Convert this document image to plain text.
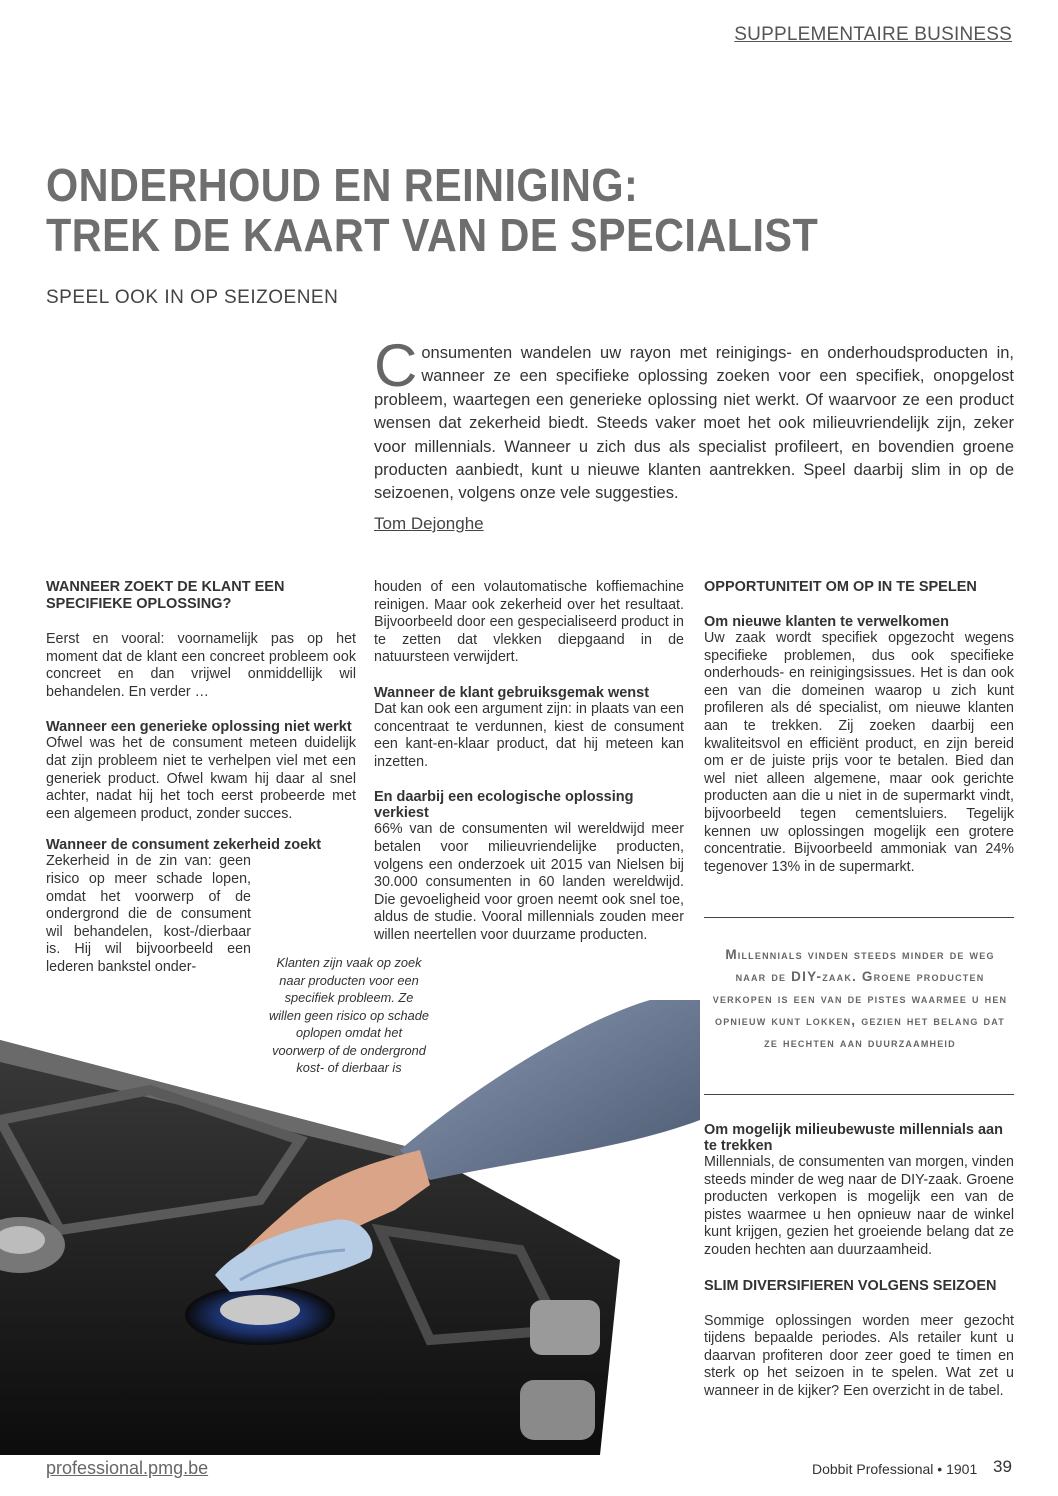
SUPPLEMENTAIRE BUSINESS
ONDERHOUD EN REINIGING:
TREK DE KAART VAN DE SPECIALIST
SPEEL OOK IN OP SEIZOENEN
Consumenten wandelen uw rayon met reinigings- en onderhoudsproducten in, wanneer ze een specifieke oplossing zoeken voor een specifiek, onopgelost probleem, waartegen een generieke oplossing niet werkt. Of waarvoor ze een product wensen dat zekerheid biedt. Steeds vaker moet het ook milieuvriendelijk zijn, zeker voor millennials. Wanneer u zich dus als specialist profileert, en bovendien groene producten aanbiedt, kunt u nieuwe klanten aantrekken. Speel daarbij slim in op de seizoenen, volgens onze vele suggesties.
Tom Dejonghe
WANNEER ZOEKT DE KLANT EEN SPECIFIEKE OPLOSSING?

Eerst en vooral: voornamelijk pas op het moment dat de klant een concreet probleem ook concreet en dan vrijwel onmiddellijk wil behandelen. En verder …

Wanneer een generieke oplossing niet werkt

Ofwel was het de consument meteen duidelijk dat zijn probleem niet te verhelpen viel met een generiek product. Ofwel kwam hij daar al snel achter, nadat hij het toch eerst probeerde met een algemeen product, zonder succes.

Wanneer de consument zekerheid zoekt

Zekerheid in de zin van: geen risico op meer schade lopen, omdat het voorwerp of de ondergrond die de consument wil behandelen, kost-/dierbaar is. Hij wil bijvoorbeeld een lederen bankstel onder-

houden of een volautomatische koffiemachine reinigen. Maar ook zekerheid over het resultaat. Bijvoorbeeld door een gespecialiseerd product in te zetten dat vlekken diepgaand in de natuursteen verwijdert.

Wanneer de klant gebruiksgemak wenst

Dat kan ook een argument zijn: in plaats van een concentraat te verdunnen, kiest de consument een kant-en-klaar product, dat hij meteen kan inzetten.

En daarbij een ecologische oplossing verkiest

66% van de consumenten wil wereldwijd meer betalen voor milieuvriendelijke producten, volgens een onderzoek uit 2015 van Nielsen bij 30.000 consumenten in 60 landen wereldwijd. Die gevoeligheid voor groen neemt ook snel toe, aldus de studie. Vooral millennials zouden meer willen neertellen voor duurzame producten.

Klanten zijn vaak op zoek naar producten voor een specifiek probleem. Ze willen geen risico op schade oplopen omdat het voorwerp of de ondergrond kost- of dierbaar is
OPPORTUNITEIT OM OP IN TE SPELEN
Om nieuwe klanten te verwelkomen

Uw zaak wordt specifiek opgezocht wegens specifieke problemen, dus ook specifieke onderhouds- en reinigingsissues. Het is dan ook een van die domeinen waarop u zich kunt profileren als dé specialist, om nieuwe klanten aan te trekken. Zij zoeken daarbij een kwaliteitsvol en efficiënt product, en zijn bereid om er de juiste prijs voor te betalen. Bied dan wel niet alleen algemene, maar ook gerichte producten aan die u niet in de supermarkt vindt, bijvoorbeeld tegen cementsluiers. Tegelijk kennen uw oplossingen mogelijk een grotere concentratie. Bijvoorbeeld ammoniak van 24% tegenover 13% in de supermarkt.

Millennials vinden steeds minder de weg naar de DIY-zaak. Groene producten verkopen is een van de pistes waarmee u hen opnieuw kunt lokken, gezien het belang dat ze hechten aan duurzaamheid
Om mogelijk milieubewuste millennials aan te trekken

Millennials, de consumenten van morgen, vinden steeds minder de weg naar de DIY-zaak. Groene producten verkopen is mogelijk een van de pistes waarmee u hen opnieuw naar de winkel kunt krijgen, gezien het groeiende belang dat ze zouden hechten aan duurzaamheid.

SLIM DIVERSIFIEREN VOLGENS SEIZOEN

Sommige oplossingen worden meer gezocht tijdens bepaalde periodes. Als retailer kunt u daarvan profiteren door zeer goed te timen en sterk op het seizoen in te spelen. Wat zet u wanneer in de kijker? Een overzicht in de tabel.

professional.pmg.be	Dobbit Professional • 1901 39
